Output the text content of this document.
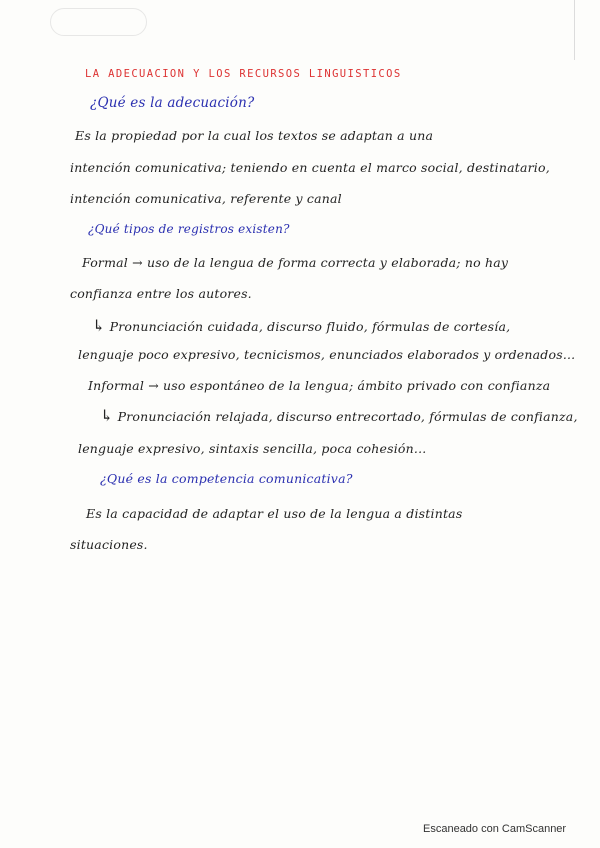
LA ADECUACION Y LOS RECURSOS LINGUISTICOS
¿Qué es la adecuación?
Es la propiedad por la cual los textos se adaptan a una
intención comunicativa; teniendo en cuenta el marco social, destinatario,
intención comunicativa, referente y canal
¿Qué tipos de registros existen?
Formal → uso de la lengua de forma correcta y elaborada; no hay
confianza entre los autores.
↳ Pronunciación cuidada, discurso fluido, fórmulas de cortesía,
lenguaje poco expresivo, tecnicismos, enunciados elaborados y ordenados...
Informal → uso espontáneo de la lengua; ámbito privado con confianza
↳ Pronunciación relajada, discurso entrecortado, fórmulas de confianza,
lenguaje expresivo, sintaxis sencilla, poca cohesión...
¿Qué es la competencia comunicativa?
Es la capacidad de adaptar el uso de la lengua a distintas
situaciones.
Escaneado con CamScanner
